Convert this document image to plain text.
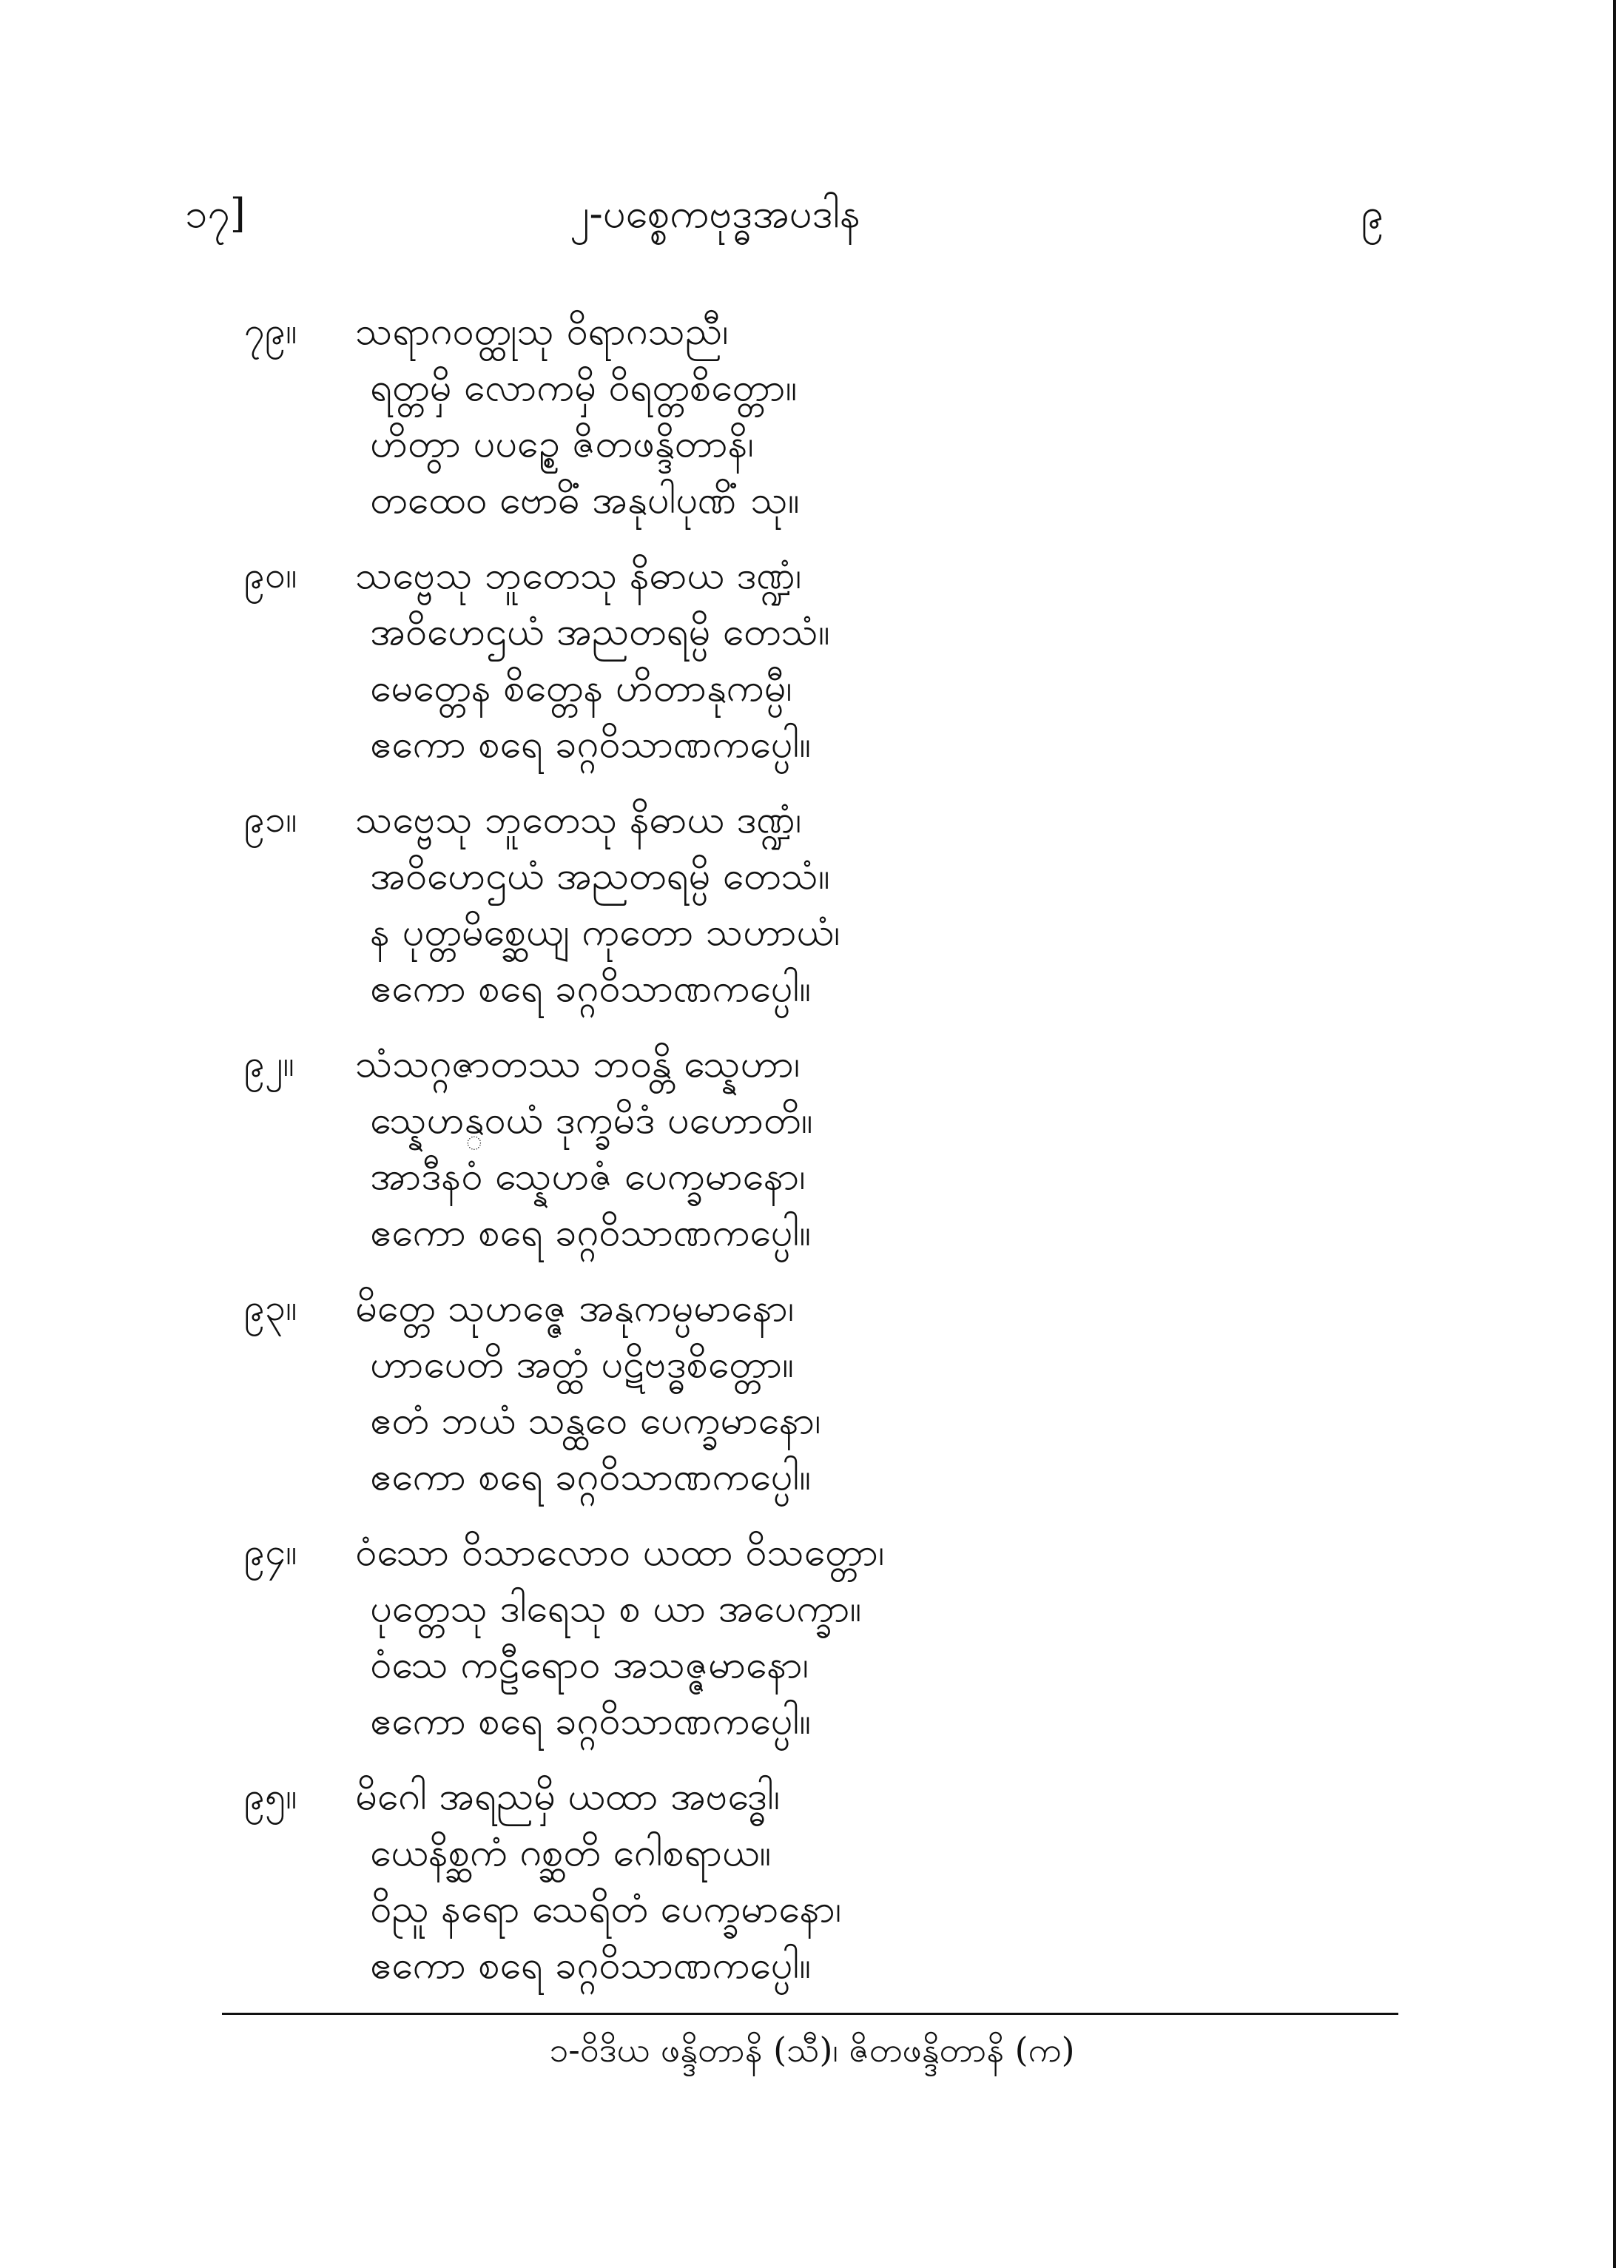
၁၇]	၂-ပစ္စေကဗုဒ္ဓအပဒါန	၉
၇၉။	သရာဂဝတ္ထုသု ဝိရာဂသညီ၊
ရတ္တမှိ လောကမှိ ဝိရတ္တစိတ္တော။
ဟိတွာ ပပဉ္စေ ဇိတဖန္ဒိတာနိ၊
တထေဝ ဗောဓိံ အနုပါပုဏိံ သု။
၉၀။	သဗ္ဗေသု ဘူတေသု နိဓာယ ဒဏ္ဍံ၊
အဝိဟေဌယံ အညတရမ္ပိ တေသံ။
မေတ္တေန စိတ္တေန ဟိတာနုကမ္ပီ၊
ဧကော စရေ ခဂ္ဂဝိသာဏကပ္ပေါ။
၉၁။	သဗ္ဗေသု ဘူတေသု နိဓာယ ဒဏ္ဍံ၊
အဝိဟေဌယံ အညတရမ္ပိ တေသံ။
န ပုတ္တမိစ္ဆေယျ ကုတော သဟာယံ၊
ဧကော စရေ ခဂ္ဂဝိသာဏကပ္ပေါ။
၉၂။	သံသဂ္ဂဇာတဿ ဘဝန္တိ သ္နေဟာ၊
သ္နေဟန္ဝယံ ဒုက္ခမိဒံ ပဟောတိ။
အာဒီနဝံ သ္နေဟဇံ ပေက္ခမာနော၊
ဧကော စရေ ခဂ္ဂဝိသာဏကပ္ပေါ။
၉၃။	မိတ္တေ သုဟဇ္ဇေ အနုကမ္ပမာနော၊
ဟာပေတိ အတ္ထံ ပဋိဗဒ္ဓစိတ္တော။
ဧတံ ဘယံ သန္ထဝေ ပေက္ခမာနော၊
ဧကော စရေ ခဂ္ဂဝိသာဏကပ္ပေါ။
၉၄။	ဝံသော ဝိသာလောဝ ယထာ ဝိသတ္တော၊
ပုတ္တေသု ဒါရေသု စ ယာ အပေက္ခာ။
ဝံသေ ကဠီရောဝ အသဇ္ဇမာနော၊
ဧကော စရေ ခဂ္ဂဝိသာဏကပ္ပေါ။
၉၅။	မိဂေါ အရညမှိ ယထာ အဗဒ္ဓေါ၊
ယေနိစ္ဆကံ ဂစ္ဆတိ ဂေါစရာယ။
ဝိညူ နရော သေရိတံ ပေက္ခမာနော၊
ဧကော စရေ ခဂ္ဂဝိသာဏကပ္ပေါ။
၁-ဝိဒိယ ဖန္ဒိတာနိ (သီ)၊ ဇိတဖန္ဒိတာနိ (က)
